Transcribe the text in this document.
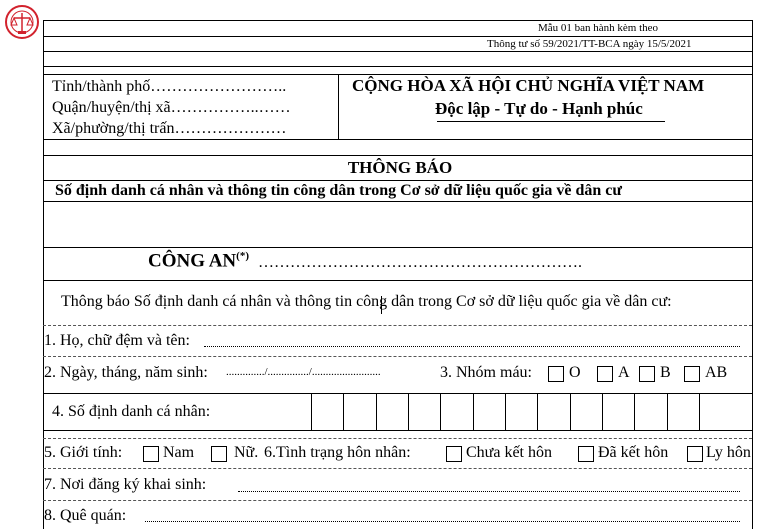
Mẫu 01 ban hành kèm theo
Thông tư số 59/2021/TT-BCA ngày 15/5/2021
Tỉnh/thành phố……………………..
Quận/huyện/thị xã……………..……
Xã/phường/thị trấn…………………
CỘNG HÒA XÃ HỘI CHỦ NGHĨA VIỆT NAM
Độc lập - Tự do - Hạnh phúc
THÔNG BÁO
Số định danh cá nhân và thông tin công dân trong Cơ sở dữ liệu quốc gia về dân cư
CÔNG AN(*) …………………………………………………….
Thông báo Số định danh cá nhân và thông tin công dân trong Cơ sở dữ liệu quốc gia về dân cư:
1. Họ, chữ đệm và tên:
2. Ngày, tháng, năm sinh: ............../.............../.........................	3. Nhóm máu: O A B AB
4. Số định danh cá nhân:
5. Giới tính:	Nam Nữ. 6.Tình trạng hôn nhân:	Chưa kết hôn	Đã kết hôn Ly hôn
7. Nơi đăng ký khai sinh:
8. Quê quán:
